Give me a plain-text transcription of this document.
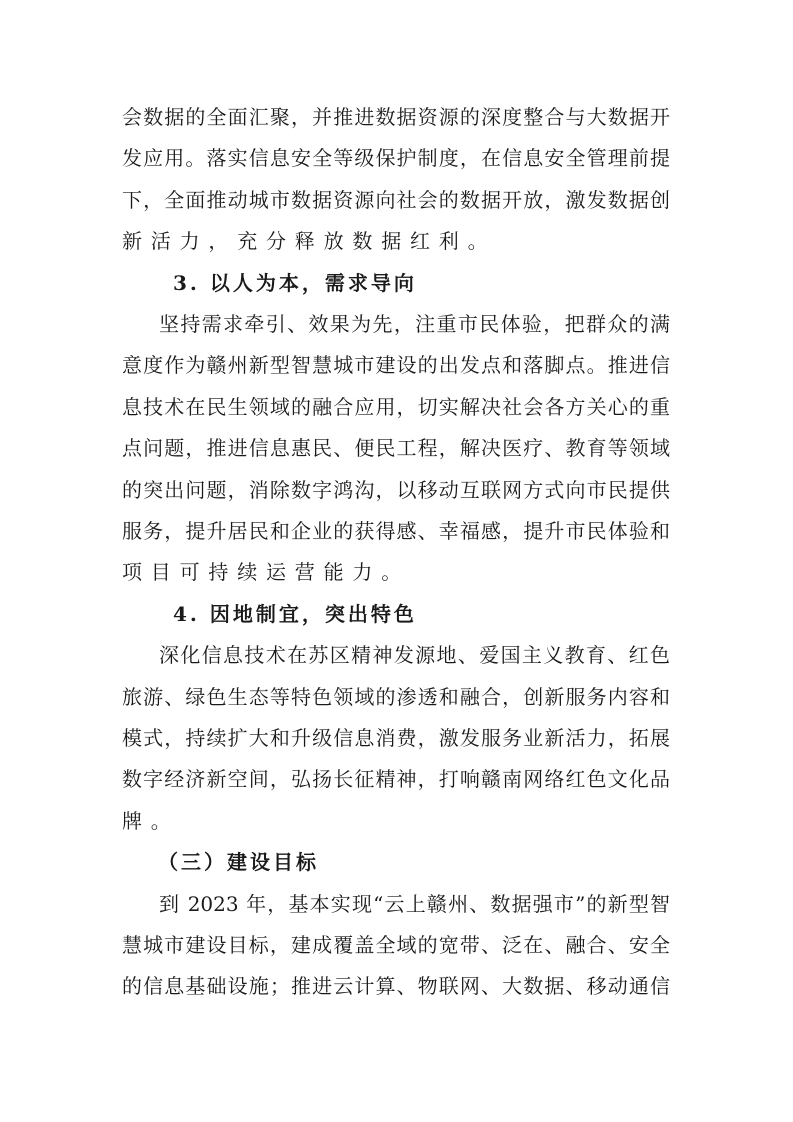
会数据的全面汇聚，并推进数据资源的深度整合与大数据开
发应用。落实信息安全等级保护制度，在信息安全管理前提
下，全面推动城市数据资源向社会的数据开放，激发数据创
新活力，充分释放数据红利。
3. 以人为本，需求导向
坚持需求牵引、效果为先，注重市民体验，把群众的满
意度作为赣州新型智慧城市建设的出发点和落脚点。推进信
息技术在民生领域的融合应用，切实解决社会各方关心的重
点问题，推进信息惠民、便民工程，解决医疗、教育等领域
的突出问题，消除数字鸿沟，以移动互联网方式向市民提供
服务，提升居民和企业的获得感、幸福感，提升市民体验和
项目可持续运营能力。
4. 因地制宜，突出特色
深化信息技术在苏区精神发源地、爱国主义教育、红色
旅游、绿色生态等特色领域的渗透和融合，创新服务内容和
模式，持续扩大和升级信息消费，激发服务业新活力，拓展
数字经济新空间，弘扬长征精神，打响赣南网络红色文化品
牌。
（三）建设目标
到 2023 年，基本实现“云上赣州、数据强市”的新型智
慧城市建设目标，建成覆盖全域的宽带、泛在、融合、安全
的信息基础设施；推进云计算、物联网、大数据、移动通信
